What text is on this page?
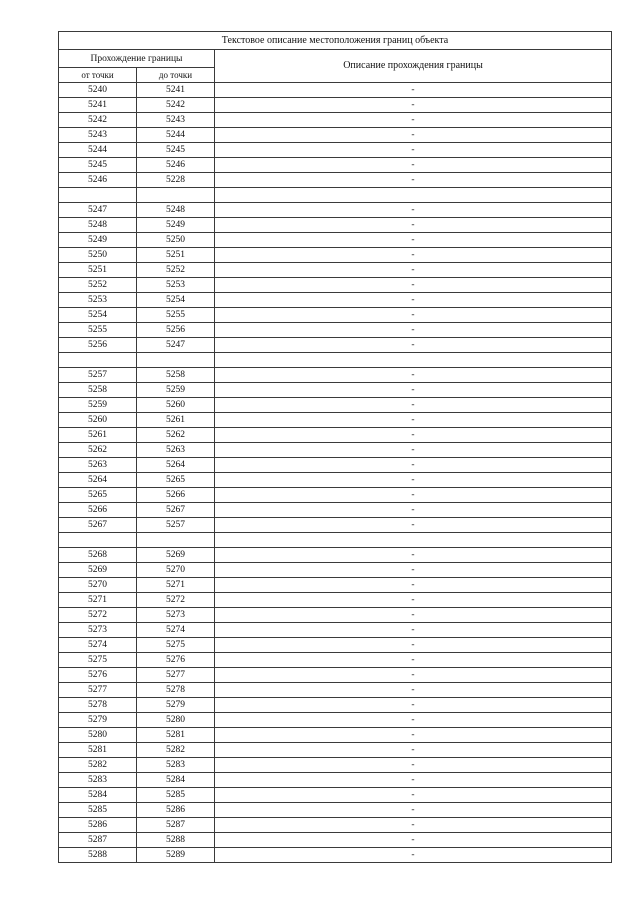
Текстовое описание местоположения границ объекта		
Прохождение границы		Описание прохождения границы
от точки	до точки	
5240	5241	-
5241	5242	-
5242	5243	-
5243	5244	-
5244	5245	-
5245	5246	-
5246	5228	-

5247	5248	-
5248	5249	-
5249	5250	-
5250	5251	-
5251	5252	-
5252	5253	-
5253	5254	-
5254	5255	-
5255	5256	-
5256	5247	-

5257	5258	-
5258	5259	-
5259	5260	-
5260	5261	-
5261	5262	-
5262	5263	-
5263	5264	-
5264	5265	-
5265	5266	-
5266	5267	-
5267	5257	-

5268	5269	-
5269	5270	-
5270	5271	-
5271	5272	-
5272	5273	-
5273	5274	-
5274	5275	-
5275	5276	-
5276	5277	-
5277	5278	-
5278	5279	-
5279	5280	-
5280	5281	-
5281	5282	-
5282	5283	-
5283	5284	-
5284	5285	-
5285	5286	-
5286	5287	-
5287	5288	-
5288	5289	-
